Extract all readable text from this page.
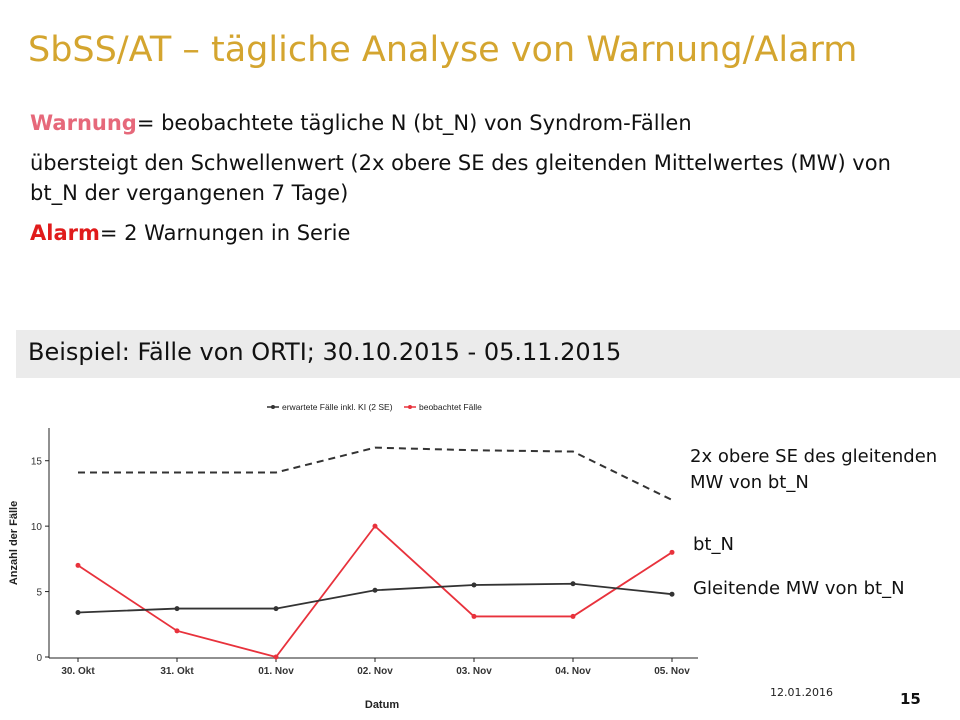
SbSS/AT – tägliche Analyse von Warnung/Alarm

Warnung= beobachtete tägliche N (bt_N) von Syndrom-Fällen

übersteigt den Schwellenwert (2x obere SE des gleitenden Mittelwertes (MW) von bt_N der vergangenen 7 Tage)

Alarm= 2 Warnungen in Serie

Beispiel: Fälle von ORTI; 30.10.2015 - 05.11.2015
erwartete Fälle inkl. KI (2 SE)	beobachtet Fälle
0
5
10
15
30. Okt	31. Okt	01. Nov	02. Nov	03. Nov	04. Nov	05. Nov
Datum
Anzahl der Fälle
2x obere SE des gleitenden MW von bt_N
bt_N
Gleitende MW von bt_N
12.01.2016	15
